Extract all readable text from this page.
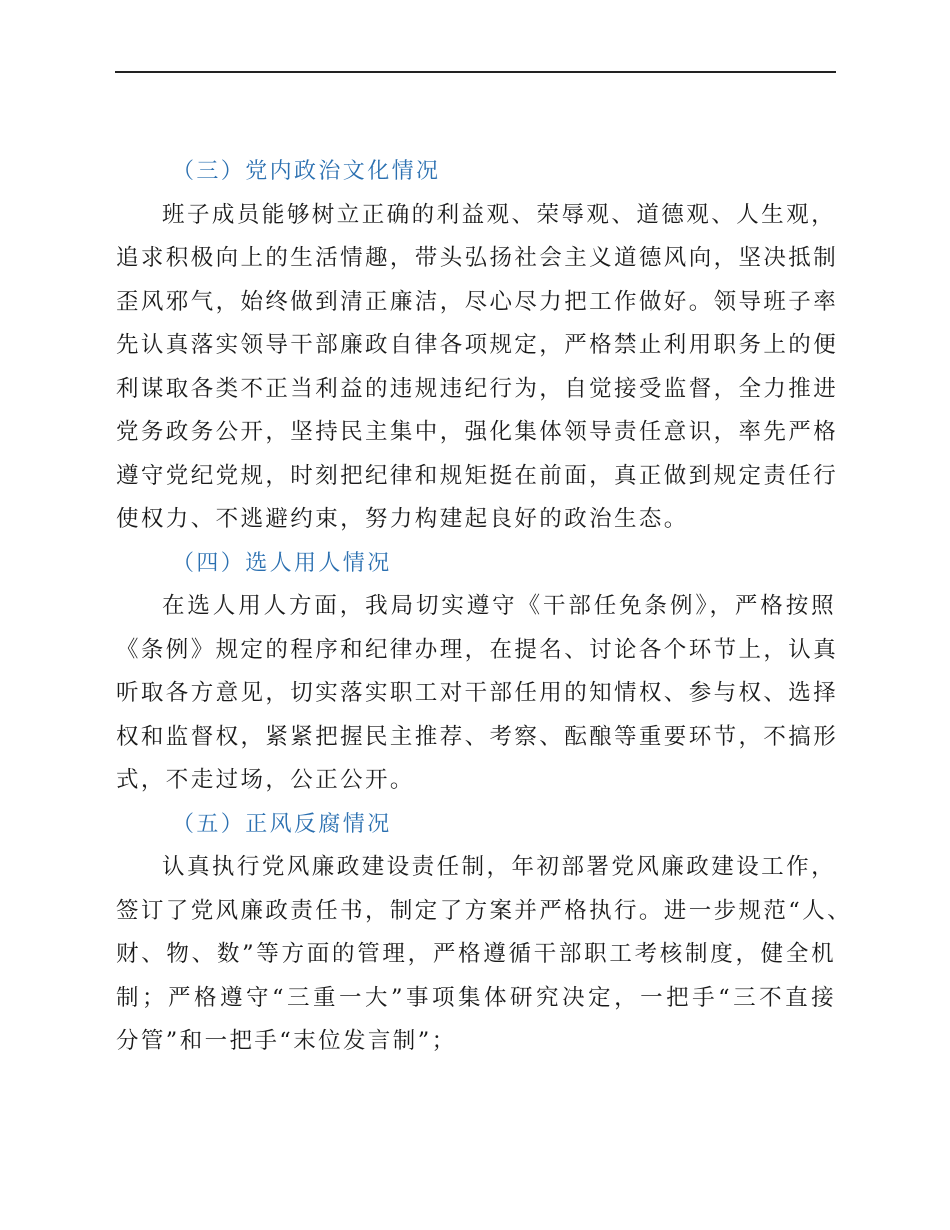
（三）党内政治文化情况

班子成员能够树立正确的利益观、荣辱观、道德观、人生观，

追求积极向上的生活情趣，带头弘扬社会主义道德风向，坚决抵制

歪风邪气，始终做到清正廉洁，尽心尽力把工作做好。领导班子率

先认真落实领导干部廉政自律各项规定，严格禁止利用职务上的便

利谋取各类不正当利益的违规违纪行为，自觉接受监督，全力推进

党务政务公开，坚持民主集中，强化集体领导责任意识，率先严格

遵守党纪党规，时刻把纪律和规矩挺在前面，真正做到规定责任行

使权力、不逃避约束，努力构建起良好的政治生态。

（四）选人用人情况

在选人用人方面，我局切实遵守《干部任免条例》，严格按照

《条例》规定的程序和纪律办理，在提名、讨论各个环节上，认真

听取各方意见，切实落实职工对干部任用的知情权、参与权、选择

权和监督权，紧紧把握民主推荐、考察、酝酿等重要环节，不搞形

式，不走过场，公正公开。

（五）正风反腐情况

认真执行党风廉政建设责任制，年初部署党风廉政建设工作，

签订了党风廉政责任书，制定了方案并严格执行。进一步规范“人、

财、物、数”等方面的管理，严格遵循干部职工考核制度，健全机

制；严格遵守“三重一大”事项集体研究决定，一把手“三不直接

分管”和一把手“末位发言制”；
